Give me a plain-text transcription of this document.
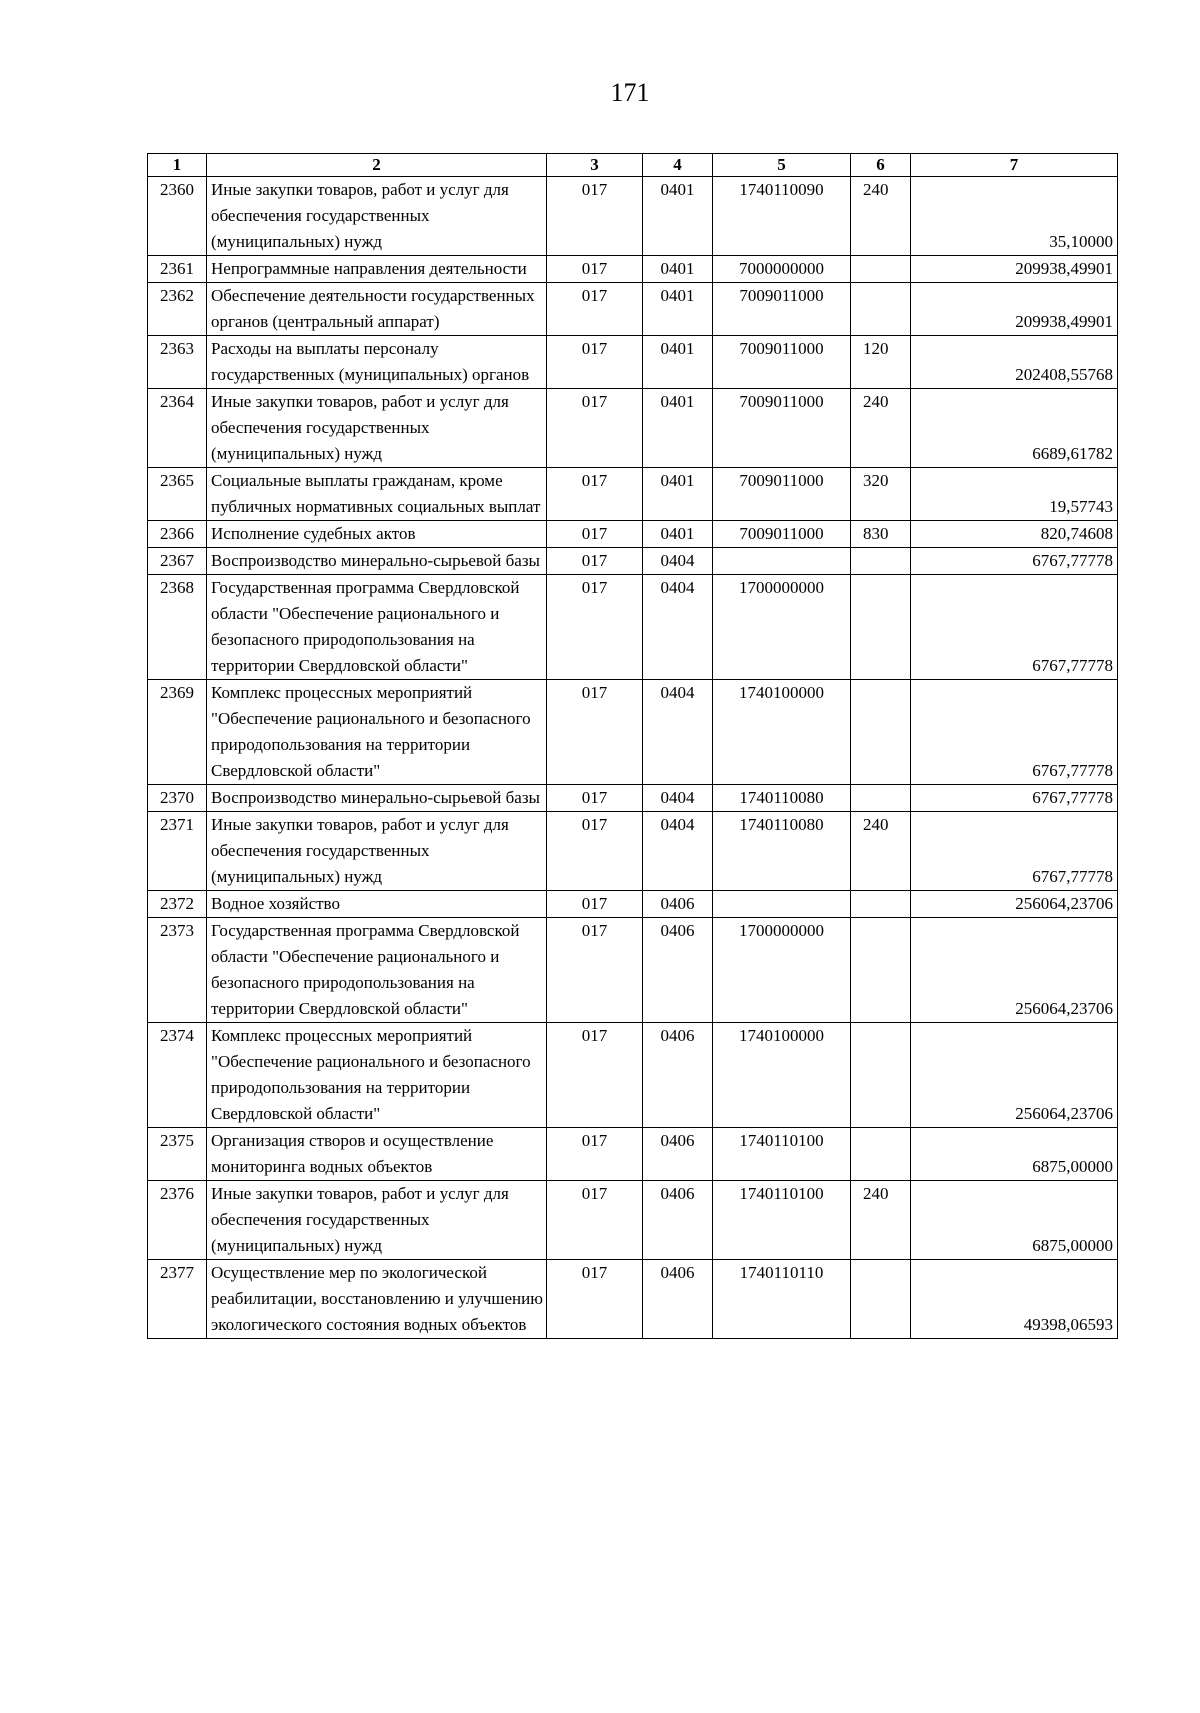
171
1	2	3	4	5	6	7
2360	Иные закупки товаров, работ и услуг для обеспечения государственных (муниципальных) нужд	017	0401	1740110090	240	35,10000

2361	Непрограммные направления деятельности	017	0401	7000000000		209938,49901

2362	Обеспечение деятельности государственных органов (центральный аппарат)	017	0401	7009011000		209938,49901

2363	Расходы на выплаты персоналу государственных (муниципальных) органов	017	0401	7009011000	120	202408,55768

2364	Иные закупки товаров, работ и услуг для обеспечения государственных (муниципальных) нужд	017	0401	7009011000	240	6689,61782

2365	Социальные выплаты гражданам, кроме публичных нормативных социальных выплат	017	0401	7009011000	320	19,57743

2366	Исполнение судебных актов	017	0401	7009011000	830	820,74608

2367	Воспроизводство минерально-сырьевой базы	017	0404			6767,77778

2368	Государственная программа Свердловской области "Обеспечение рационального и безопасного природопользования на территории Свердловской области"	017	0404	1700000000		6767,77778

2369	Комплекс процессных мероприятий "Обеспечение рационального и безопасного природопользования на территории Свердловской области"	017	0404	1740100000		6767,77778

2370	Воспроизводство минерально-сырьевой базы	017	0404	1740110080		6767,77778

2371	Иные закупки товаров, работ и услуг для обеспечения государственных (муниципальных) нужд	017	0404	1740110080	240	6767,77778

2372	Водное хозяйство	017	0406			256064,23706

2373	Государственная программа Свердловской области "Обеспечение рационального и безопасного природопользования на территории Свердловской области"	017	0406	1700000000		256064,23706

2374	Комплекс процессных мероприятий "Обеспечение рационального и безопасного природопользования на территории Свердловской области"	017	0406	1740100000		256064,23706

2375	Организация створов и осуществление мониторинга водных объектов	017	0406	1740110100		6875,00000

2376	Иные закупки товаров, работ и услуг для обеспечения государственных (муниципальных) нужд	017	0406	1740110100	240	6875,00000

2377	Осуществление мер по экологической реабилитации, восстановлению и улучшению экологического состояния водных объектов	017	0406	1740110110		49398,06593
